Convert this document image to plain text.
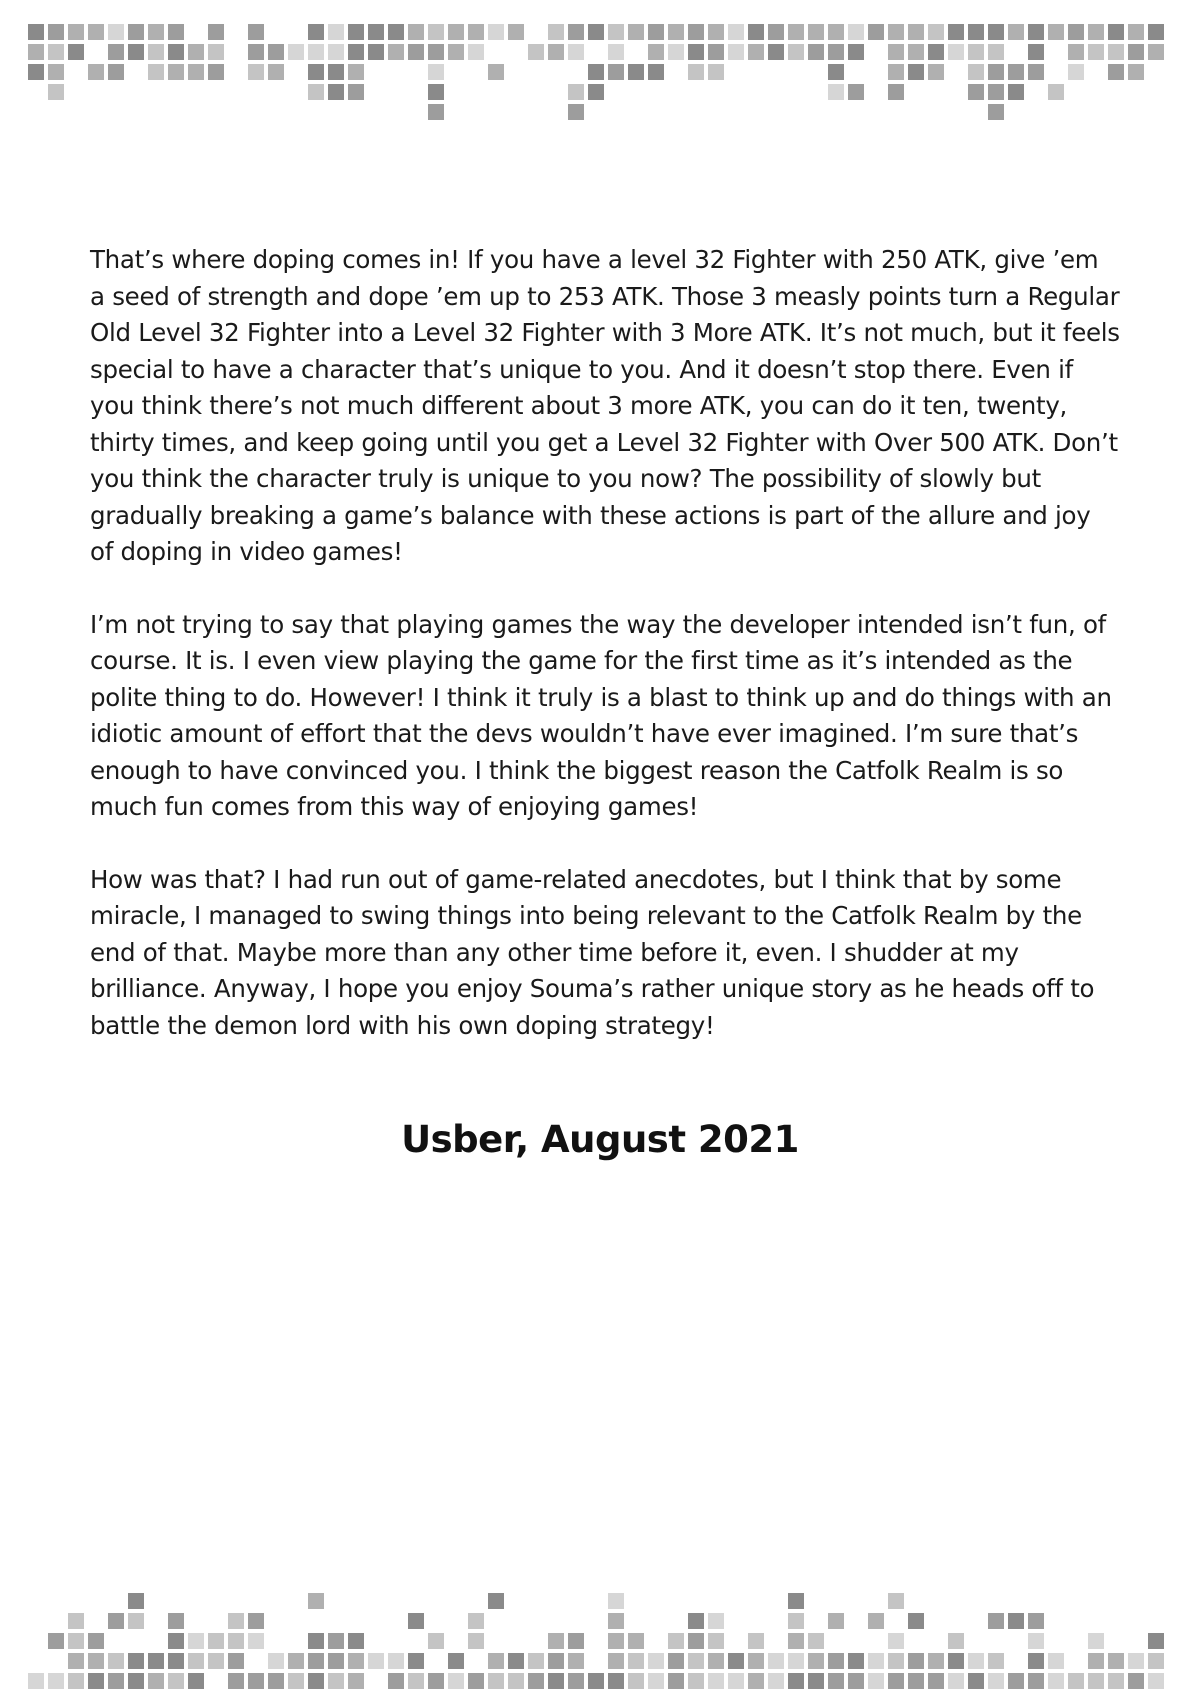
That’s where doping comes in! If you have a level 32 Fighter with 250 ATK, give ’em a seed of strength and dope ’em up to 253 ATK. Those 3 measly points turn a Regular Old Level 32 Fighter into a Level 32 Fighter with 3 More ATK. It’s not much, but it feels special to have a character that’s unique to you. And it doesn’t stop there. Even if you think there’s not much different about 3 more ATK, you can do it ten, twenty, thirty times, and keep going until you get a Level 32 Fighter with Over 500 ATK. Don’t you think the character truly is unique to you now? The possibility of slowly but gradually breaking a game’s balance with these actions is part of the allure and joy of doping in video games!

I’m not trying to say that playing games the way the developer intended isn’t fun, of course. It is. I even view playing the game for the first time as it’s intended as the polite thing to do. However! I think it truly is a blast to think up and do things with an idiotic amount of effort that the devs wouldn’t have ever imagined. I’m sure that’s enough to have convinced you. I think the biggest reason the Catfolk Realm is so much fun comes from this way of enjoying games!

How was that? I had run out of game-related anecdotes, but I think that by some miracle, I managed to swing things into being relevant to the Catfolk Realm by the end of that. Maybe more than any other time before it, even. I shudder at my brilliance. Anyway, I hope you enjoy Souma’s rather unique story as he heads off to battle the demon lord with his own doping strategy!

Usber, August 2021
